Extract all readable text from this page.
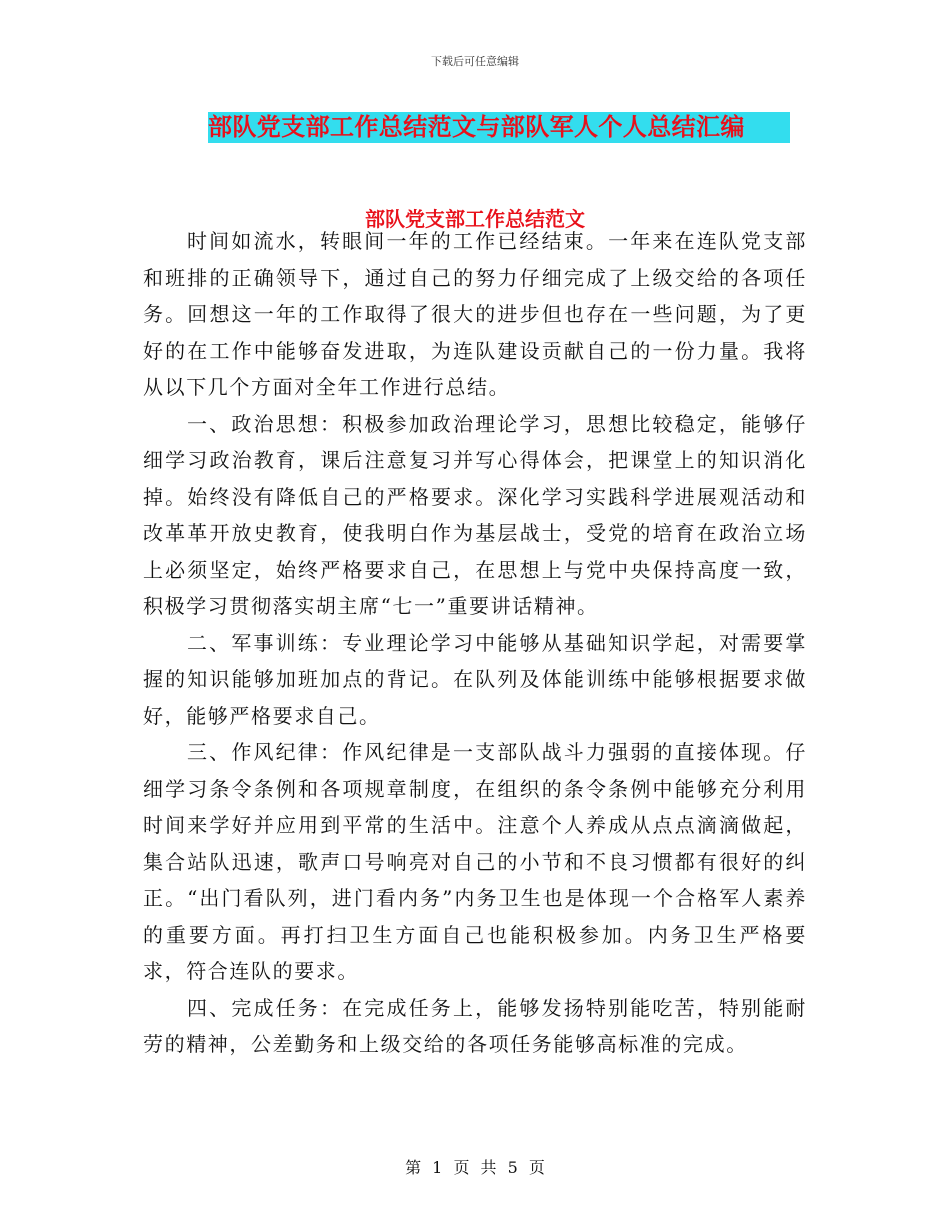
下载后可任意编辑
部队党支部工作总结范文与部队军人个人总结汇编
部队党支部工作总结范文

时间如流水，转眼间一年的工作已经结束。一年来在连队党支部和班排的正确领导下，通过自己的努力仔细完成了上级交给的各项任务。回想这一年的工作取得了很大的进步但也存在一些问题，为了更好的在工作中能够奋发进取，为连队建设贡献自己的一份力量。我将从以下几个方面对全年工作进行总结。

一、政治思想：积极参加政治理论学习，思想比较稳定，能够仔细学习政治教育，课后注意复习并写心得体会，把课堂上的知识消化掉。始终没有降低自己的严格要求。深化学习实践科学进展观活动和改革革开放史教育，使我明白作为基层战士，受党的培育在政治立场上必须坚定，始终严格要求自己，在思想上与党中央保持高度一致，积极学习贯彻落实胡主席“七一”重要讲话精神。

二、军事训练：专业理论学习中能够从基础知识学起，对需要掌握的知识能够加班加点的背记。在队列及体能训练中能够根据要求做好，能够严格要求自己。

三、作风纪律：作风纪律是一支部队战斗力强弱的直接体现。仔细学习条令条例和各项规章制度，在组织的条令条例中能够充分利用时间来学好并应用到平常的生活中。注意个人养成从点点滴滴做起，集合站队迅速，歌声口号响亮对自己的小节和不良习惯都有很好的纠正。“出门看队列，进门看内务”内务卫生也是体现一个合格军人素养的重要方面。再打扫卫生方面自己也能积极参加。内务卫生严格要求，符合连队的要求。

四、完成任务：在完成任务上，能够发扬特别能吃苦，特别能耐劳的精神，公差勤务和上级交给的各项任务能够高标准的完成。

第 1 页 共 5 页
